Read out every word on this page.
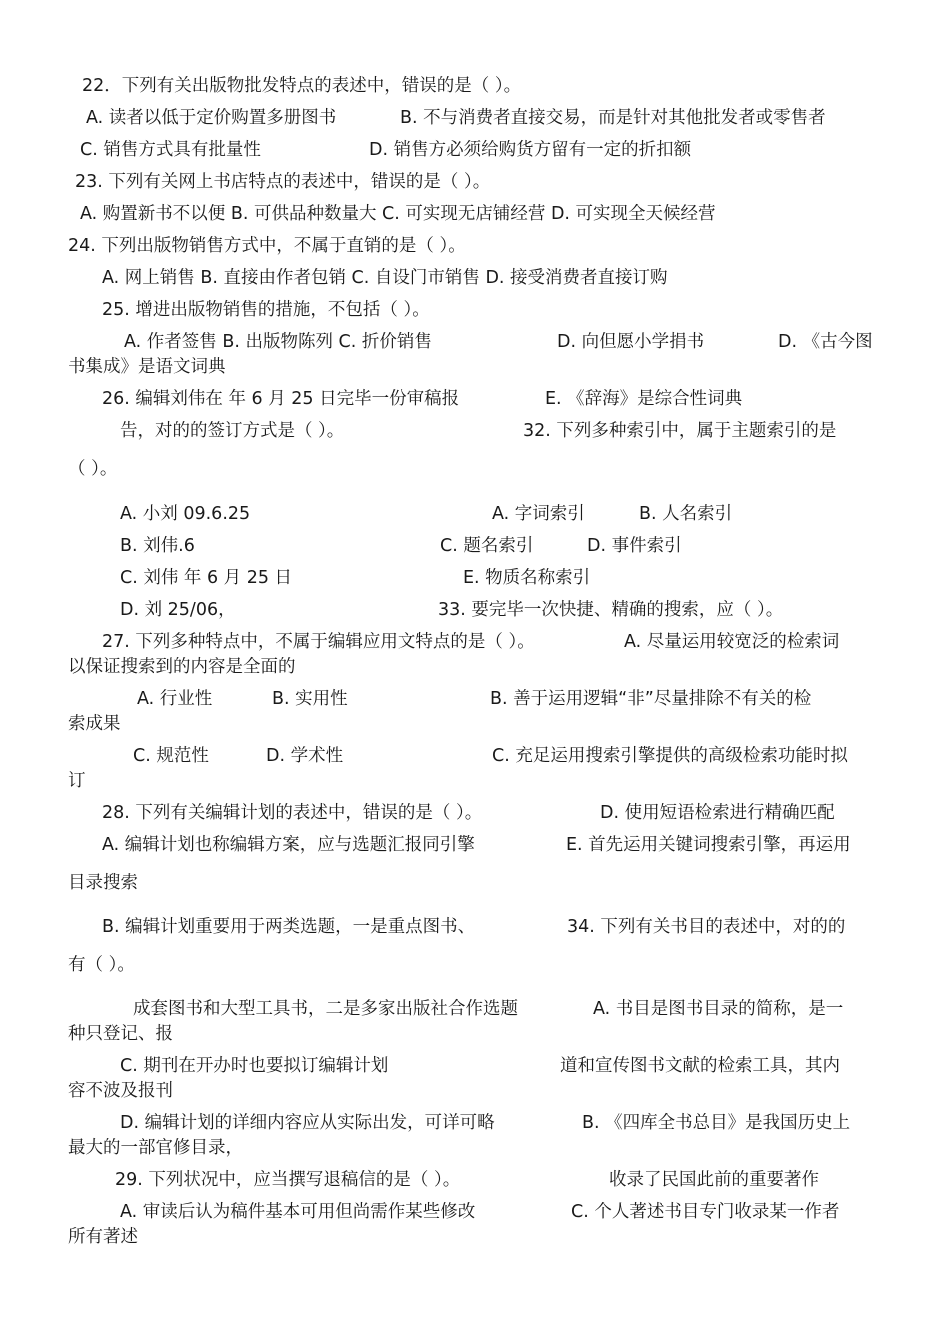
22．下列有关出版物批发特点的表述中，错误的是（ ）。
A. 读者以低于定价购置多册图书	B. 不与消费者直接交易，而是针对其他批发者或零售者
C. 销售方式具有批量性	D. 销售方必须给购货方留有一定的折扣额
23. 下列有关网上书店特点的表述中，错误的是（ ）。
A. 购置新书不以便 B. 可供品种数量大 C. 可实现无店铺经营 D. 可实现全天候经营
24. 下列出版物销售方式中，不属于直销的是（ ）。
A. 网上销售 B. 直接由作者包销 C. 自设门市销售 D. 接受消费者直接订购
25. 增进出版物销售的措施，不包括（ ）。
A. 作者签售 B. 出版物陈列 C. 折价销售	D. 向但愿小学捐书	D. 《古今图
书集成》是语文词典
26. 编辑刘伟在 年 6 月 25 日完毕一份审稿报	E. 《辞海》是综合性词典
告，对的的签订方式是（ ）。	32. 下列多种索引中，属于主题索引的是
（ ）。
A. 小刘 09.6.25	A. 字词索引	B. 人名索引
B. 刘伟.6	C. 题名索引	D. 事件索引
C. 刘伟 年 6 月 25 日	E. 物质名称索引
D. 刘 25/06，	33. 要完毕一次快捷、精确的搜索，应（ ）。
27. 下列多种特点中，不属于编辑应用文特点的是（ ）。	A. 尽量运用较宽泛的检索词
以保证搜索到的内容是全面的
A. 行业性	B. 实用性	B. 善于运用逻辑“非”尽量排除不有关的检
索成果
C. 规范性	D. 学术性	C. 充足运用搜索引擎提供的高级检索功能时拟
订
28. 下列有关编辑计划的表述中，错误的是（ ）。	D. 使用短语检索进行精确匹配
A. 编辑计划也称编辑方案，应与选题汇报同引擎	E. 首先运用关键词搜索引擎，再运用
目录搜索
B. 编辑计划重要用于两类选题，一是重点图书、	34. 下列有关书目的表述中，对的的
有（ ）。
成套图书和大型工具书，二是多家出版社合作选题	A. 书目是图书目录的简称，是一
种只登记、报
C. 期刊在开办时也要拟订编辑计划	道和宣传图书文献的检索工具，其内
容不波及报刊
D. 编辑计划的详细内容应从实际出发，可详可略	B. 《四库全书总目》是我国历史上
最大的一部官修目录，
29. 下列状况中，应当撰写退稿信的是（ ）。	收录了民国此前的重要著作
A. 审读后认为稿件基本可用但尚需作某些修改	C. 个人著述书目专门收录某一作者
所有著述
